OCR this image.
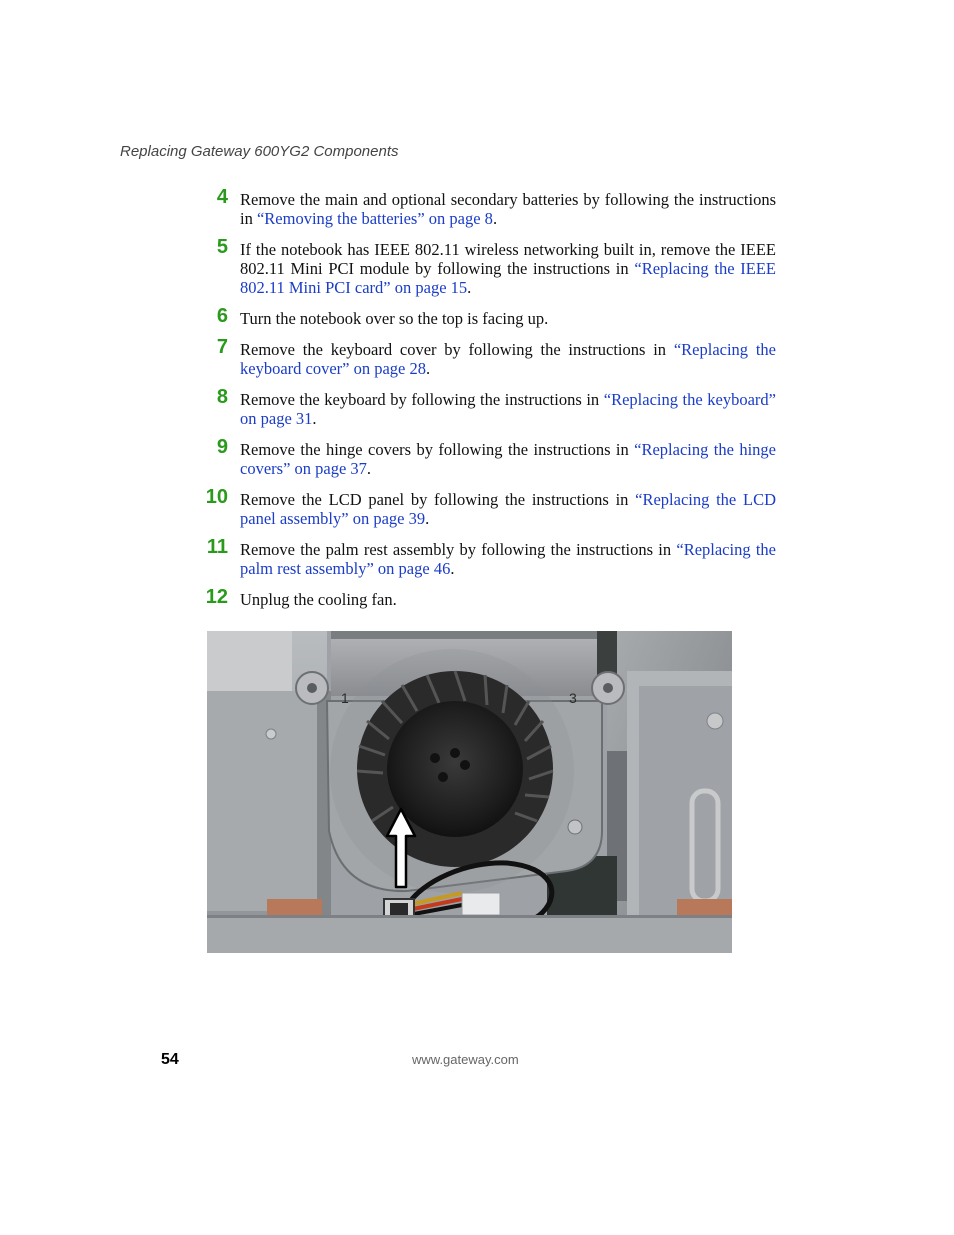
Replacing Gateway 600YG2 Components
4 Remove the main and optional secondary batteries by following the instructions in “Removing the batteries” on page 8.
5 If the notebook has IEEE 802.11 wireless networking built in, remove the IEEE 802.11 Mini PCI module by following the instructions in “Replacing the IEEE 802.11 Mini PCI card” on page 15.
6 Turn the notebook over so the top is facing up.
7 Remove the keyboard cover by following the instructions in “Replacing the keyboard cover” on page 28.
8 Remove the keyboard by following the instructions in “Replacing the keyboard” on page 31.
9 Remove the hinge covers by following the instructions in “Replacing the hinge covers” on page 37.
10 Remove the LCD panel by following the instructions in “Replacing the LCD panel assembly” on page 39.
11 Remove the palm rest assembly by following the instructions in “Replacing the palm rest assembly” on page 46.
12 Unplug the cooling fan.
1	3
54	www.gateway.com
